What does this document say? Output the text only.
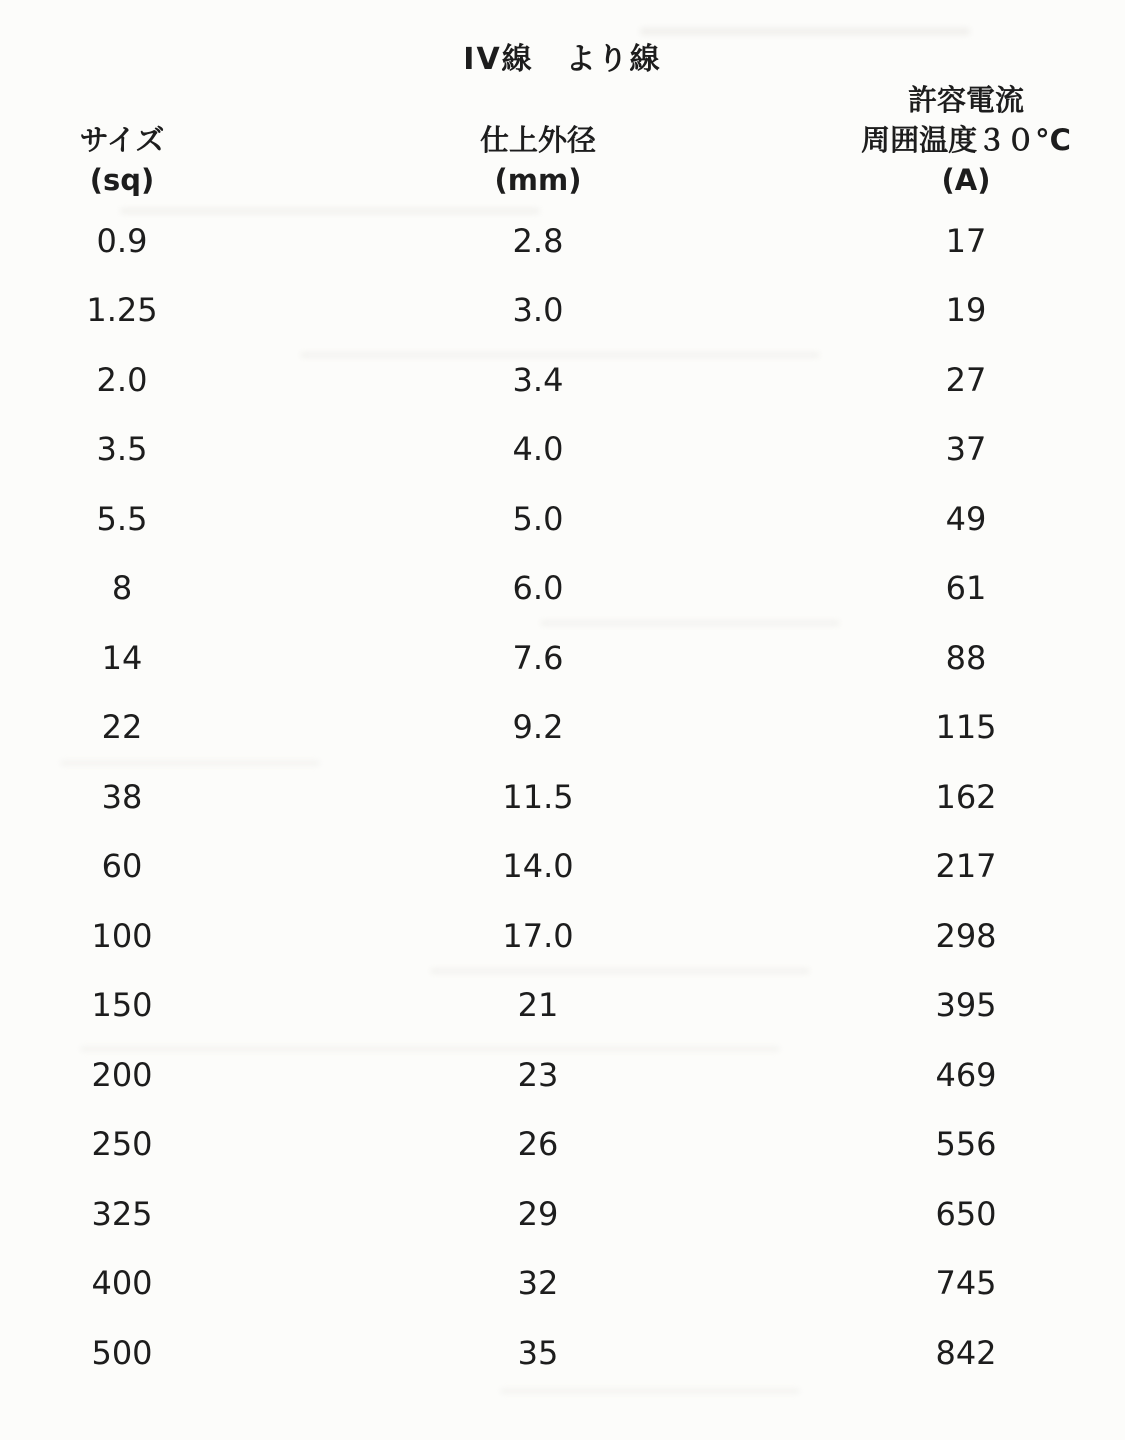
IV線　より線
サイズ
(sq)
仕上外径
(mm)
許容電流
周囲温度３０°C
(A)
0.9	2.8	17
1.25	3.0	19
2.0	3.4	27
3.5	4.0	37
5.5	5.0	49
8	6.0	61
14	7.6	88
22	9.2	115
38	11.5	162
60	14.0	217
100	17.0	298
150	21	395
200	23	469
250	26	556
325	29	650
400	32	745
500	35	842
